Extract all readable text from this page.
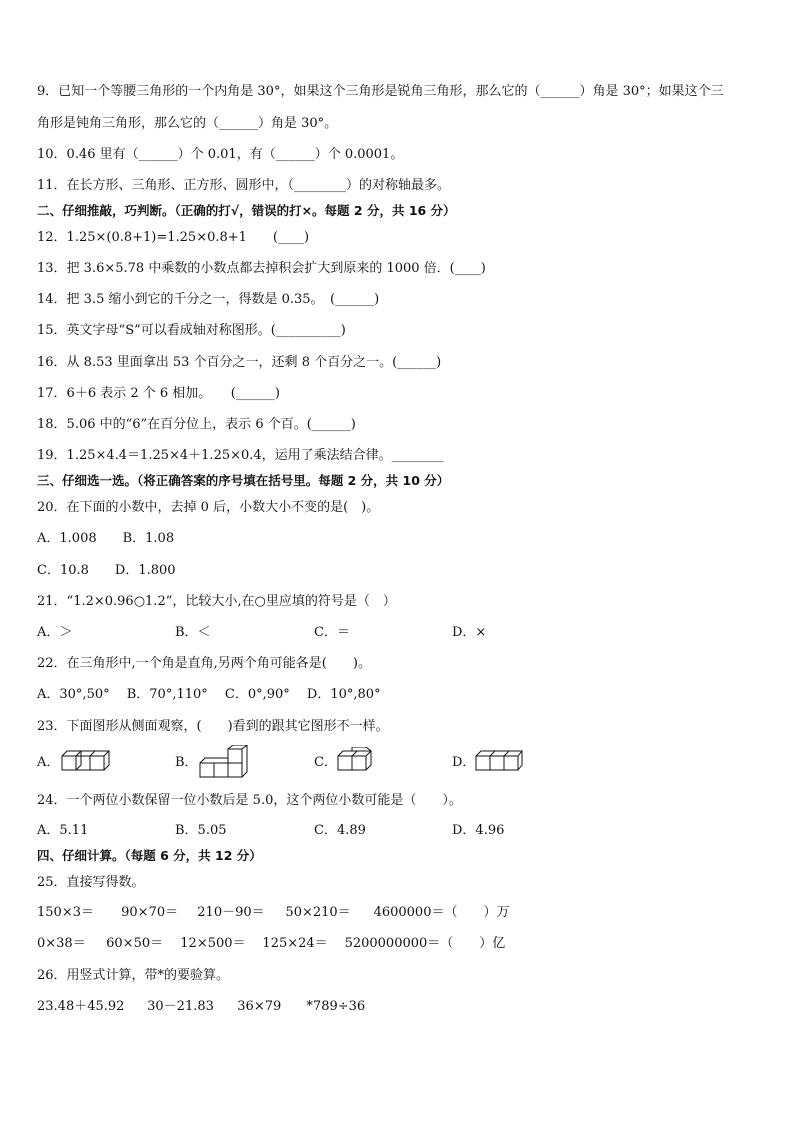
9．已知一个等腰三角形的一个内角是 30°，如果这个三角形是锐角三角形，那么它的（______）角是 30°；如果这个三
角形是钝角三角形，那么它的（______）角是 30°。
10．0.46 里有（______）个 0.01，有（______）个 0.0001。
11．在长方形、三角形、正方形、圆形中，（________）的对称轴最多。
二、仔细推敲，巧判断。（正确的打√，错误的打×。每题 2 分，共 16 分）
12．1.25×(0.8+1)=1.25×0.8+1　　(____)
13．把 3.6×5.78 中乘数的小数点都去掉积会扩大到原来的 1000 倍．(____)
14．把 3.5 缩小到它的千分之一，得数是 0.35。　(______)
15．英文字母“S”可以看成轴对称图形。(__________)
16．从 8.53 里面拿出 53 个百分之一，还剩 8 个百分之一。(______)
17．6＋6 表示 2 个 6 相加。　　(______)
18．5.06 中的“6”在百分位上，表示 6 个百。(______)
19．1.25×4.4＝1.25×4＋1.25×0.4，运用了乘法结合律。________
三、仔细选一选。（将正确答案的序号填在括号里。每题 2 分，共 10 分）
20．在下面的小数中，去掉 0 后，小数大小不变的是(　)。
A．1.008　　B．1.08
C．10.8　　D．1.800
21．“1.2×0.96○1.2”，比较大小,在○里应填的符号是（　）
A．＞	B．＜	C．＝	D．×
22．在三角形中,一个角是直角,另两个角可能各是(　　)。
A．30°,50°　 B．70°,110°　 C．0°,90°　 D．10°,80°
23．下面图形从侧面观察，(　　)看到的跟其它图形不一样。
A．	B．	C．	D．
24．一个两位小数保留一位小数后是 5.0，这个两位小数可能是（　　）。
A．5.11	B．5.05	C．4.89	D．4.96
四、仔细计算。（每题 6 分，共 12 分）
25．直接写得数。
150×3＝ 90×70＝ 210－90＝ 50×210＝ 4600000＝（　　）万
0×38＝ 60×50＝ 12×500＝ 125×24＝ 5200000000＝（　　）亿
26．用竖式计算，带*的要验算。
23.48＋45.92 30－21.83 36×79 *789÷36
